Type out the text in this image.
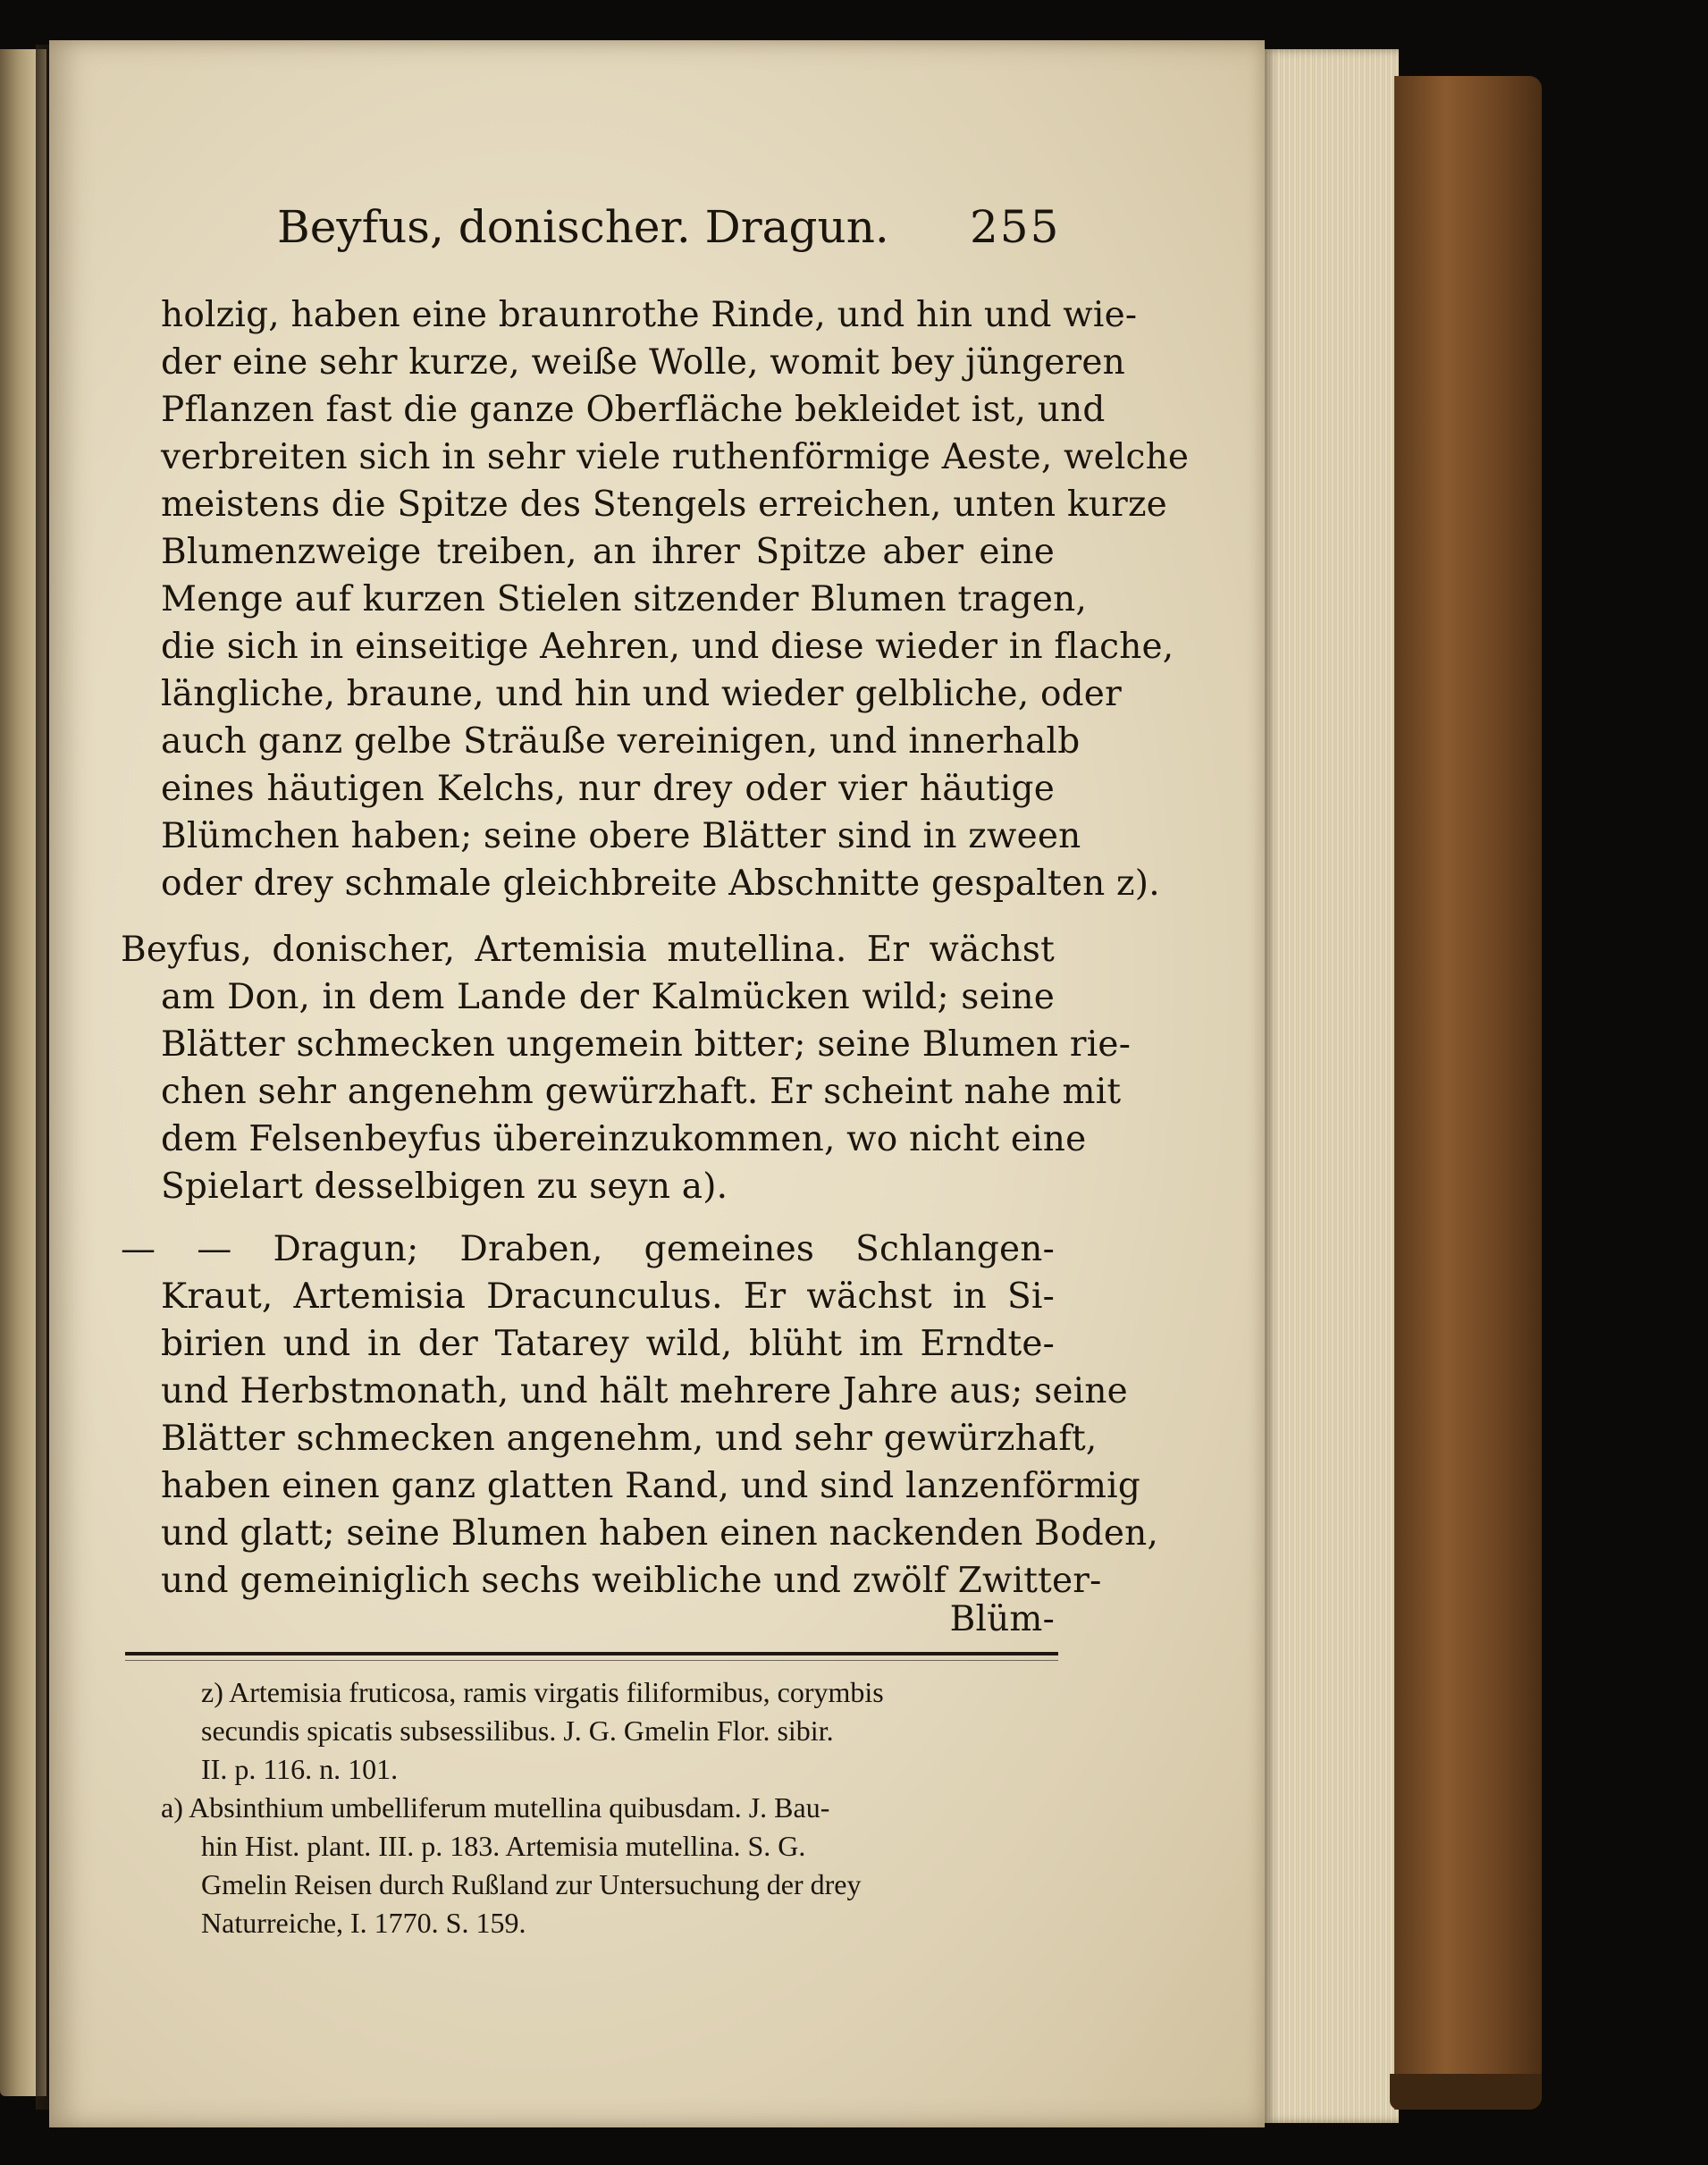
Beyfus, donischer. Dragun. 255
holzig, haben eine braunrothe Rinde, und hin und wie-
der eine sehr kurze, weiße Wolle, womit bey jüngeren
Pflanzen fast die ganze Oberfläche bekleidet ist, und
verbreiten sich in sehr viele ruthenförmige Aeste, welche
meistens die Spitze des Stengels erreichen, unten kurze
Blumenzweige treiben, an ihrer Spitze aber eine
Menge auf kurzen Stielen sitzender Blumen tragen,
die sich in einseitige Aehren, und diese wieder in flache,
längliche, braune, und hin und wieder gelbliche, oder
auch ganz gelbe Sträuße vereinigen, und innerhalb
eines häutigen Kelchs, nur drey oder vier häutige
Blümchen haben; seine obere Blätter sind in zween
oder drey schmale gleichbreite Abschnitte gespalten z).
Beyfus, donischer, Artemisia mutellina. Er wächst
am Don, in dem Lande der Kalmücken wild; seine
Blätter schmecken ungemein bitter; seine Blumen rie-
chen sehr angenehm gewürzhaft. Er scheint nahe mit
dem Felsenbeyfus übereinzukommen, wo nicht eine
Spielart desselbigen zu seyn a).
— — Dragun; Draben, gemeines Schlangen-
Kraut, Artemisia Dracunculus. Er wächst in Si-
birien und in der Tatarey wild, blüht im Erndte-
und Herbstmonath, und hält mehrere Jahre aus; seine
Blätter schmecken angenehm, und sehr gewürzhaft,
haben einen ganz glatten Rand, und sind lanzenförmig
und glatt; seine Blumen haben einen nackenden Boden,
und gemeiniglich sechs weibliche und zwölf Zwitter-
Blüm-
z) Artemisia fruticosa, ramis virgatis filiformibus, corymbis
secundis spicatis subsessilibus. J. G. Gmelin Flor. sibir.
II. p. 116. n. 101.
a) Absinthium umbelliferum mutellina quibusdam. J. Bau-
hin Hist. plant. III. p. 183. Artemisia mutellina. S. G.
Gmelin Reisen durch Rußland zur Untersuchung der drey
Naturreiche, I. 1770. S. 159.
